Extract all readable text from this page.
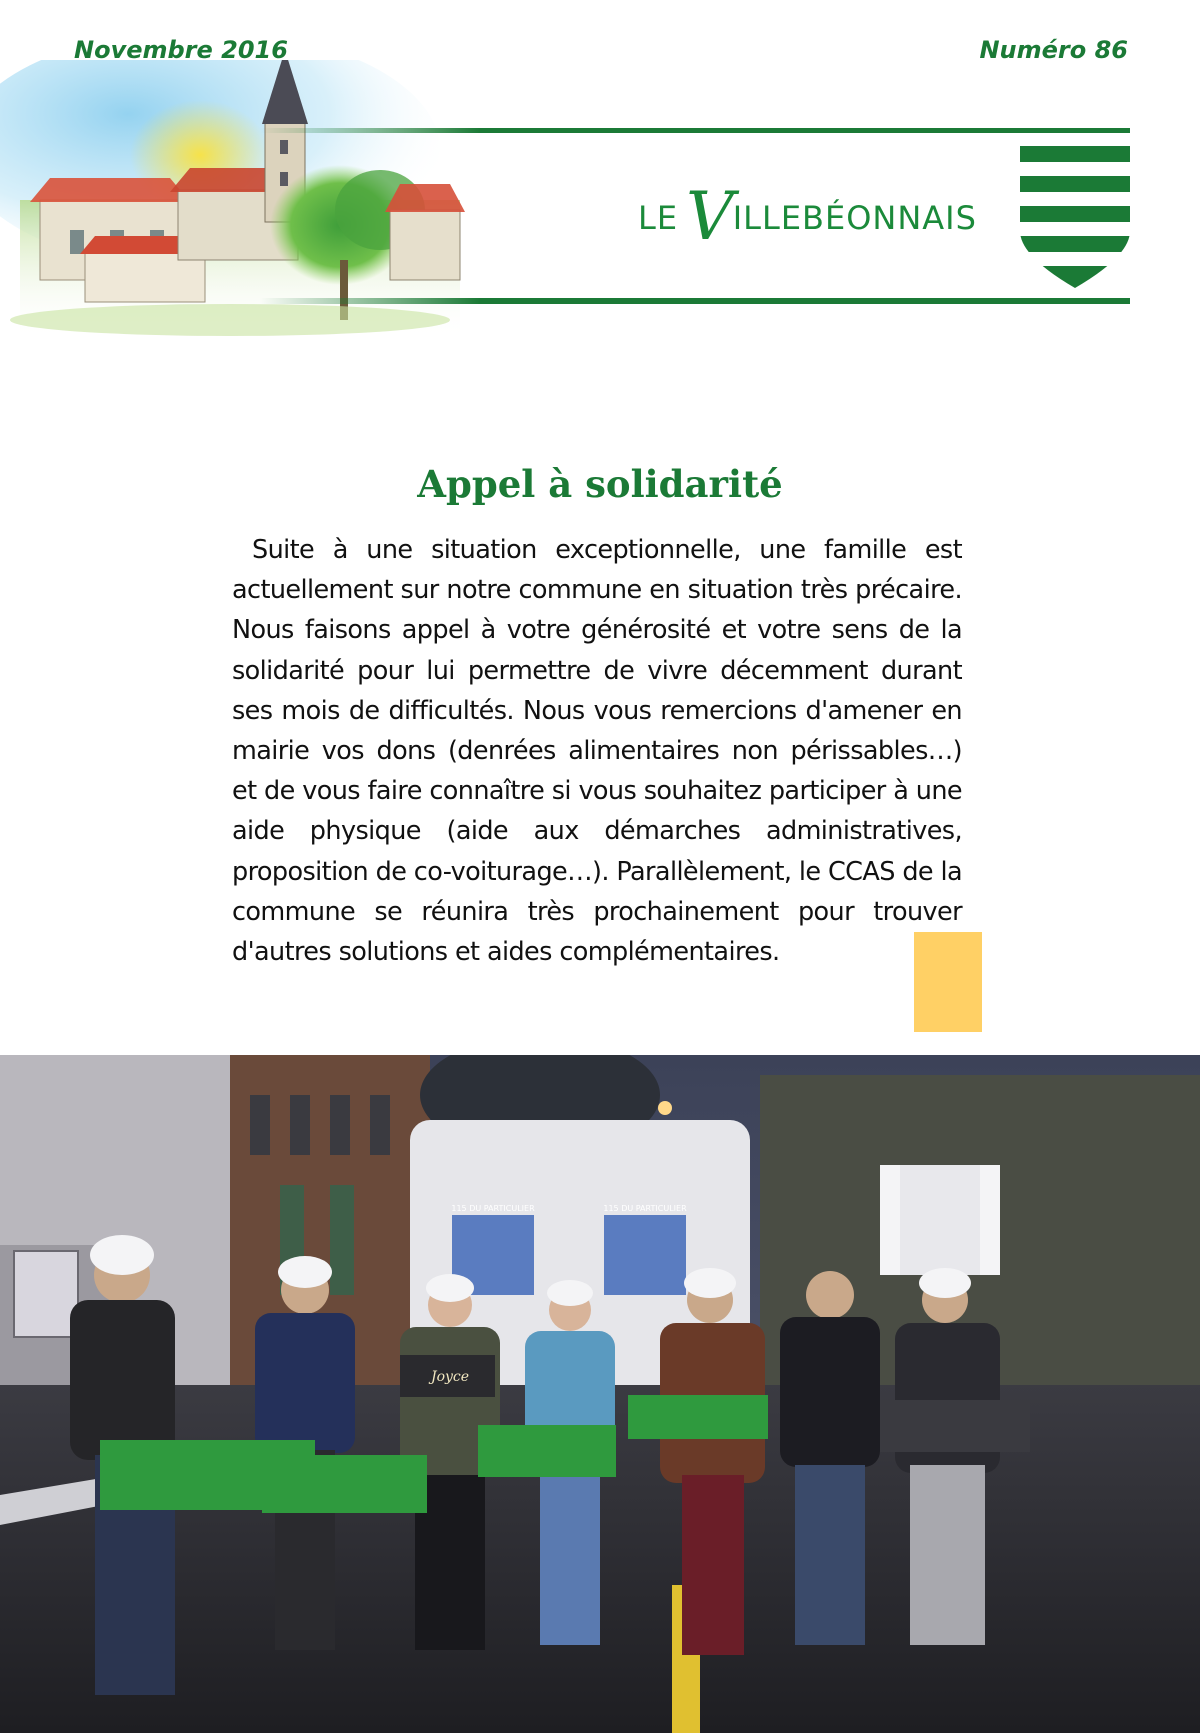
Novembre 2016	Numéro 86
LE VILLEBÉONNAIS
Appel à solidarité
Suite à une situation exceptionnelle, une famille est actuellement sur notre commune en situation très précaire. Nous faisons appel à votre générosité et votre sens de la solidarité pour lui permettre de vivre décemment durant ses mois de difficultés. Nous vous remercions d'amener en mairie vos dons (denrées alimentaires non périssables…) et de vous faire connaître si vous souhaitez participer à une aide physique (aide aux démarches administratives, proposition de co-voiturage…). Parallèlement, le CCAS de la commune se réunira très prochainement pour trouver d'autres solutions et aides complémentaires.
115 DU PARTICULIER	115 DU PARTICULIER
Joyce
